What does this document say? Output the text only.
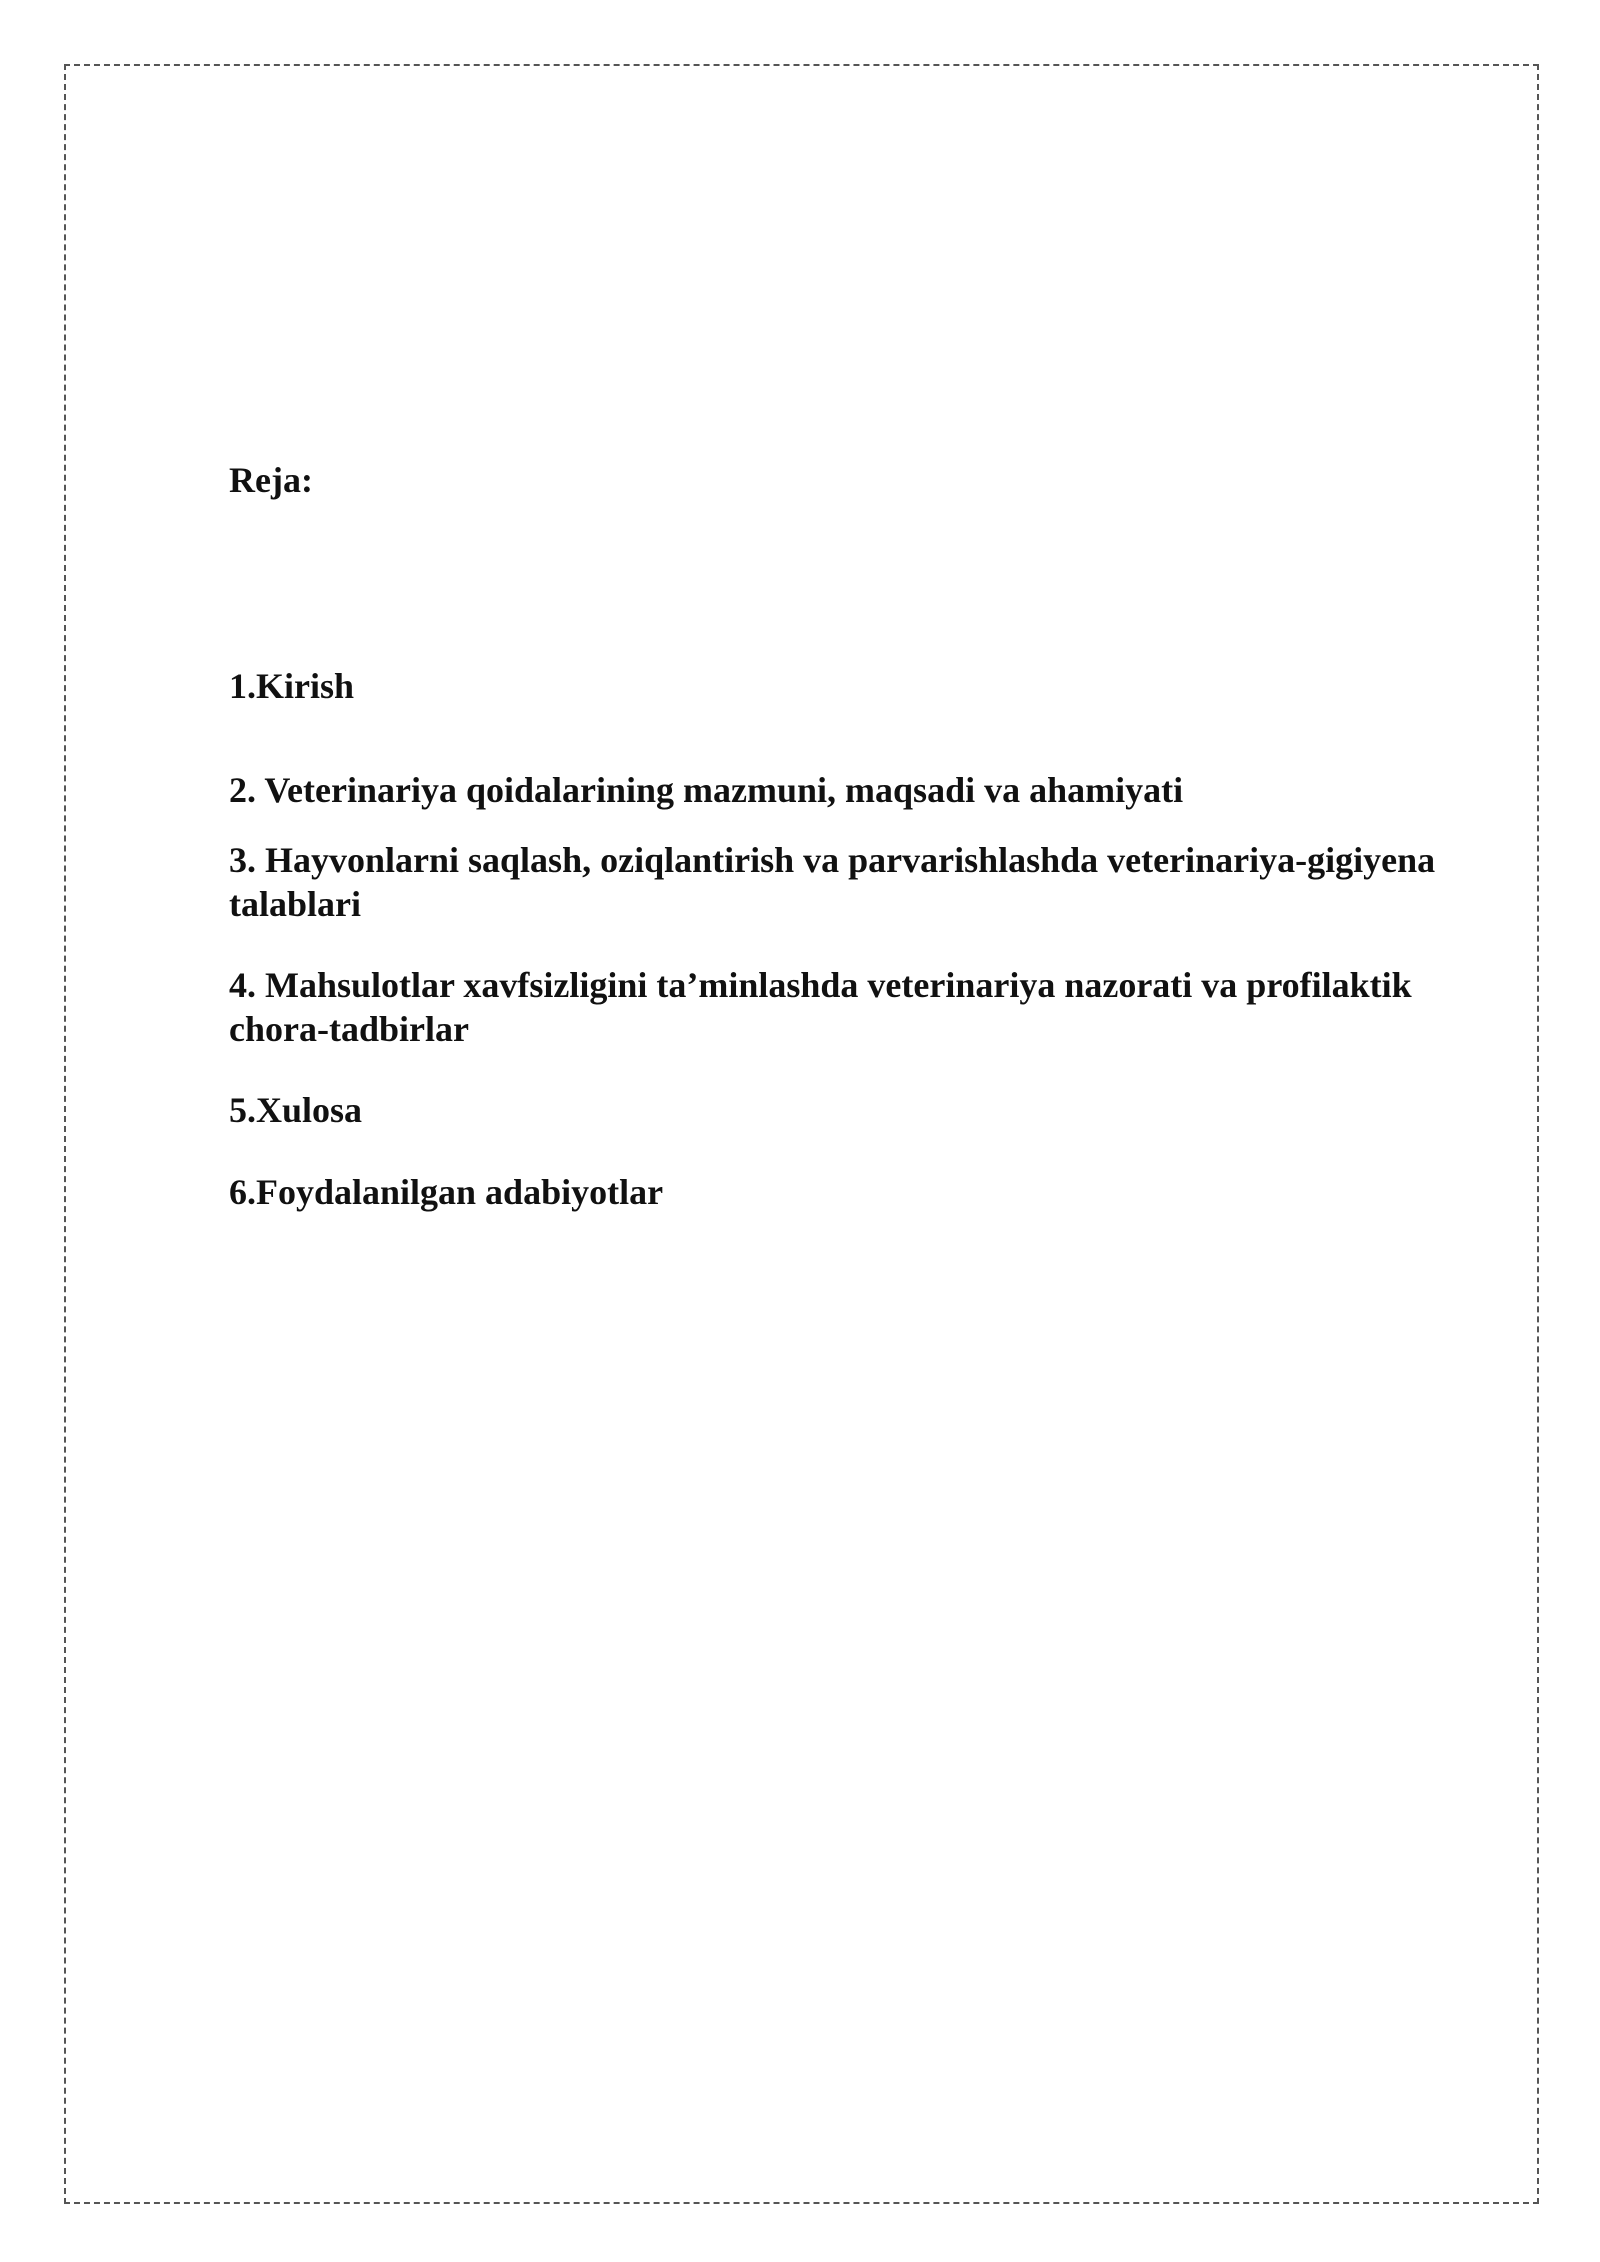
Reja:
1.Kirish
2. Veterinariya qoidalarining mazmuni, maqsadi va ahamiyati
3. Hayvonlarni saqlash, oziqlantirish va parvarishlashda veterinariya-gigiyena talablari
4. Mahsulotlar xavfsizligini ta’minlashda veterinariya nazorati va profilaktik chora-tadbirlar
5.Xulosa
6.Foydalanilgan adabiyotlar
